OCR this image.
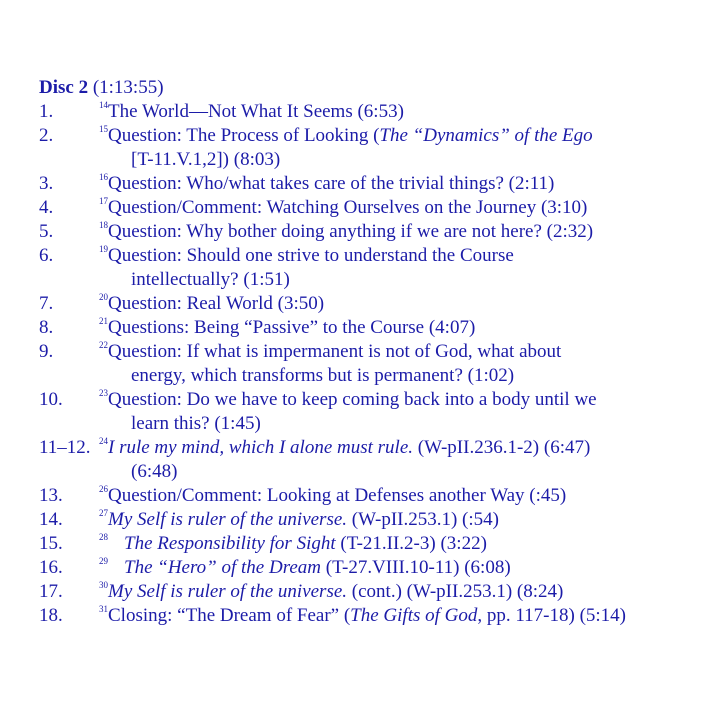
Disc 2 (1:13:55)
1.	$^{14}$The World—Not What It Seems (6:53)
2.	$^{15}$Question: The Process of Looking (The “Dynamics” of the Ego
[T-11.V.1,2]) (8:03)
3.	$^{16}$Question: Who/what takes care of the trivial things? (2:11)
4.	$^{17}$Question/Comment: Watching Ourselves on the Journey (3:10)
5.	$^{18}$Question: Why bother doing anything if we are not here? (2:32)
6.	$^{19}$Question: Should one strive to understand the Course
intellectually? (1:51)
7.	$^{20}$Question: Real World (3:50)
8.	$^{21}$Questions: Being “Passive” to the Course (4:07)
9.	$^{22}$Question: If what is impermanent is not of God, what about
energy, which transforms but is permanent? (1:02)
10.	$^{23}$Question: Do we have to keep coming back into a body until we
learn this? (1:45)
11–12. $^{24}$I rule my mind, which I alone must rule. (W-pII.236.1-2) (6:47)
(6:48)
13.	$^{26}$Question/Comment: Looking at Defenses another Way (:45)
14.	$^{27}$My Self is ruler of the universe. (W-pII.253.1) (:54)
15.	$^{28}$ The Responsibility for Sight (T-21.II.2-3) (3:22)
16.	$^{29}$ The “Hero” of the Dream (T-27.VIII.10-11) (6:08)
17.	$^{30}$My Self is ruler of the universe. (cont.) (W-pII.253.1) (8:24)
18.	$^{31}$Closing: “The Dream of Fear” (The Gifts of God, pp. 117-18) (5:14)
